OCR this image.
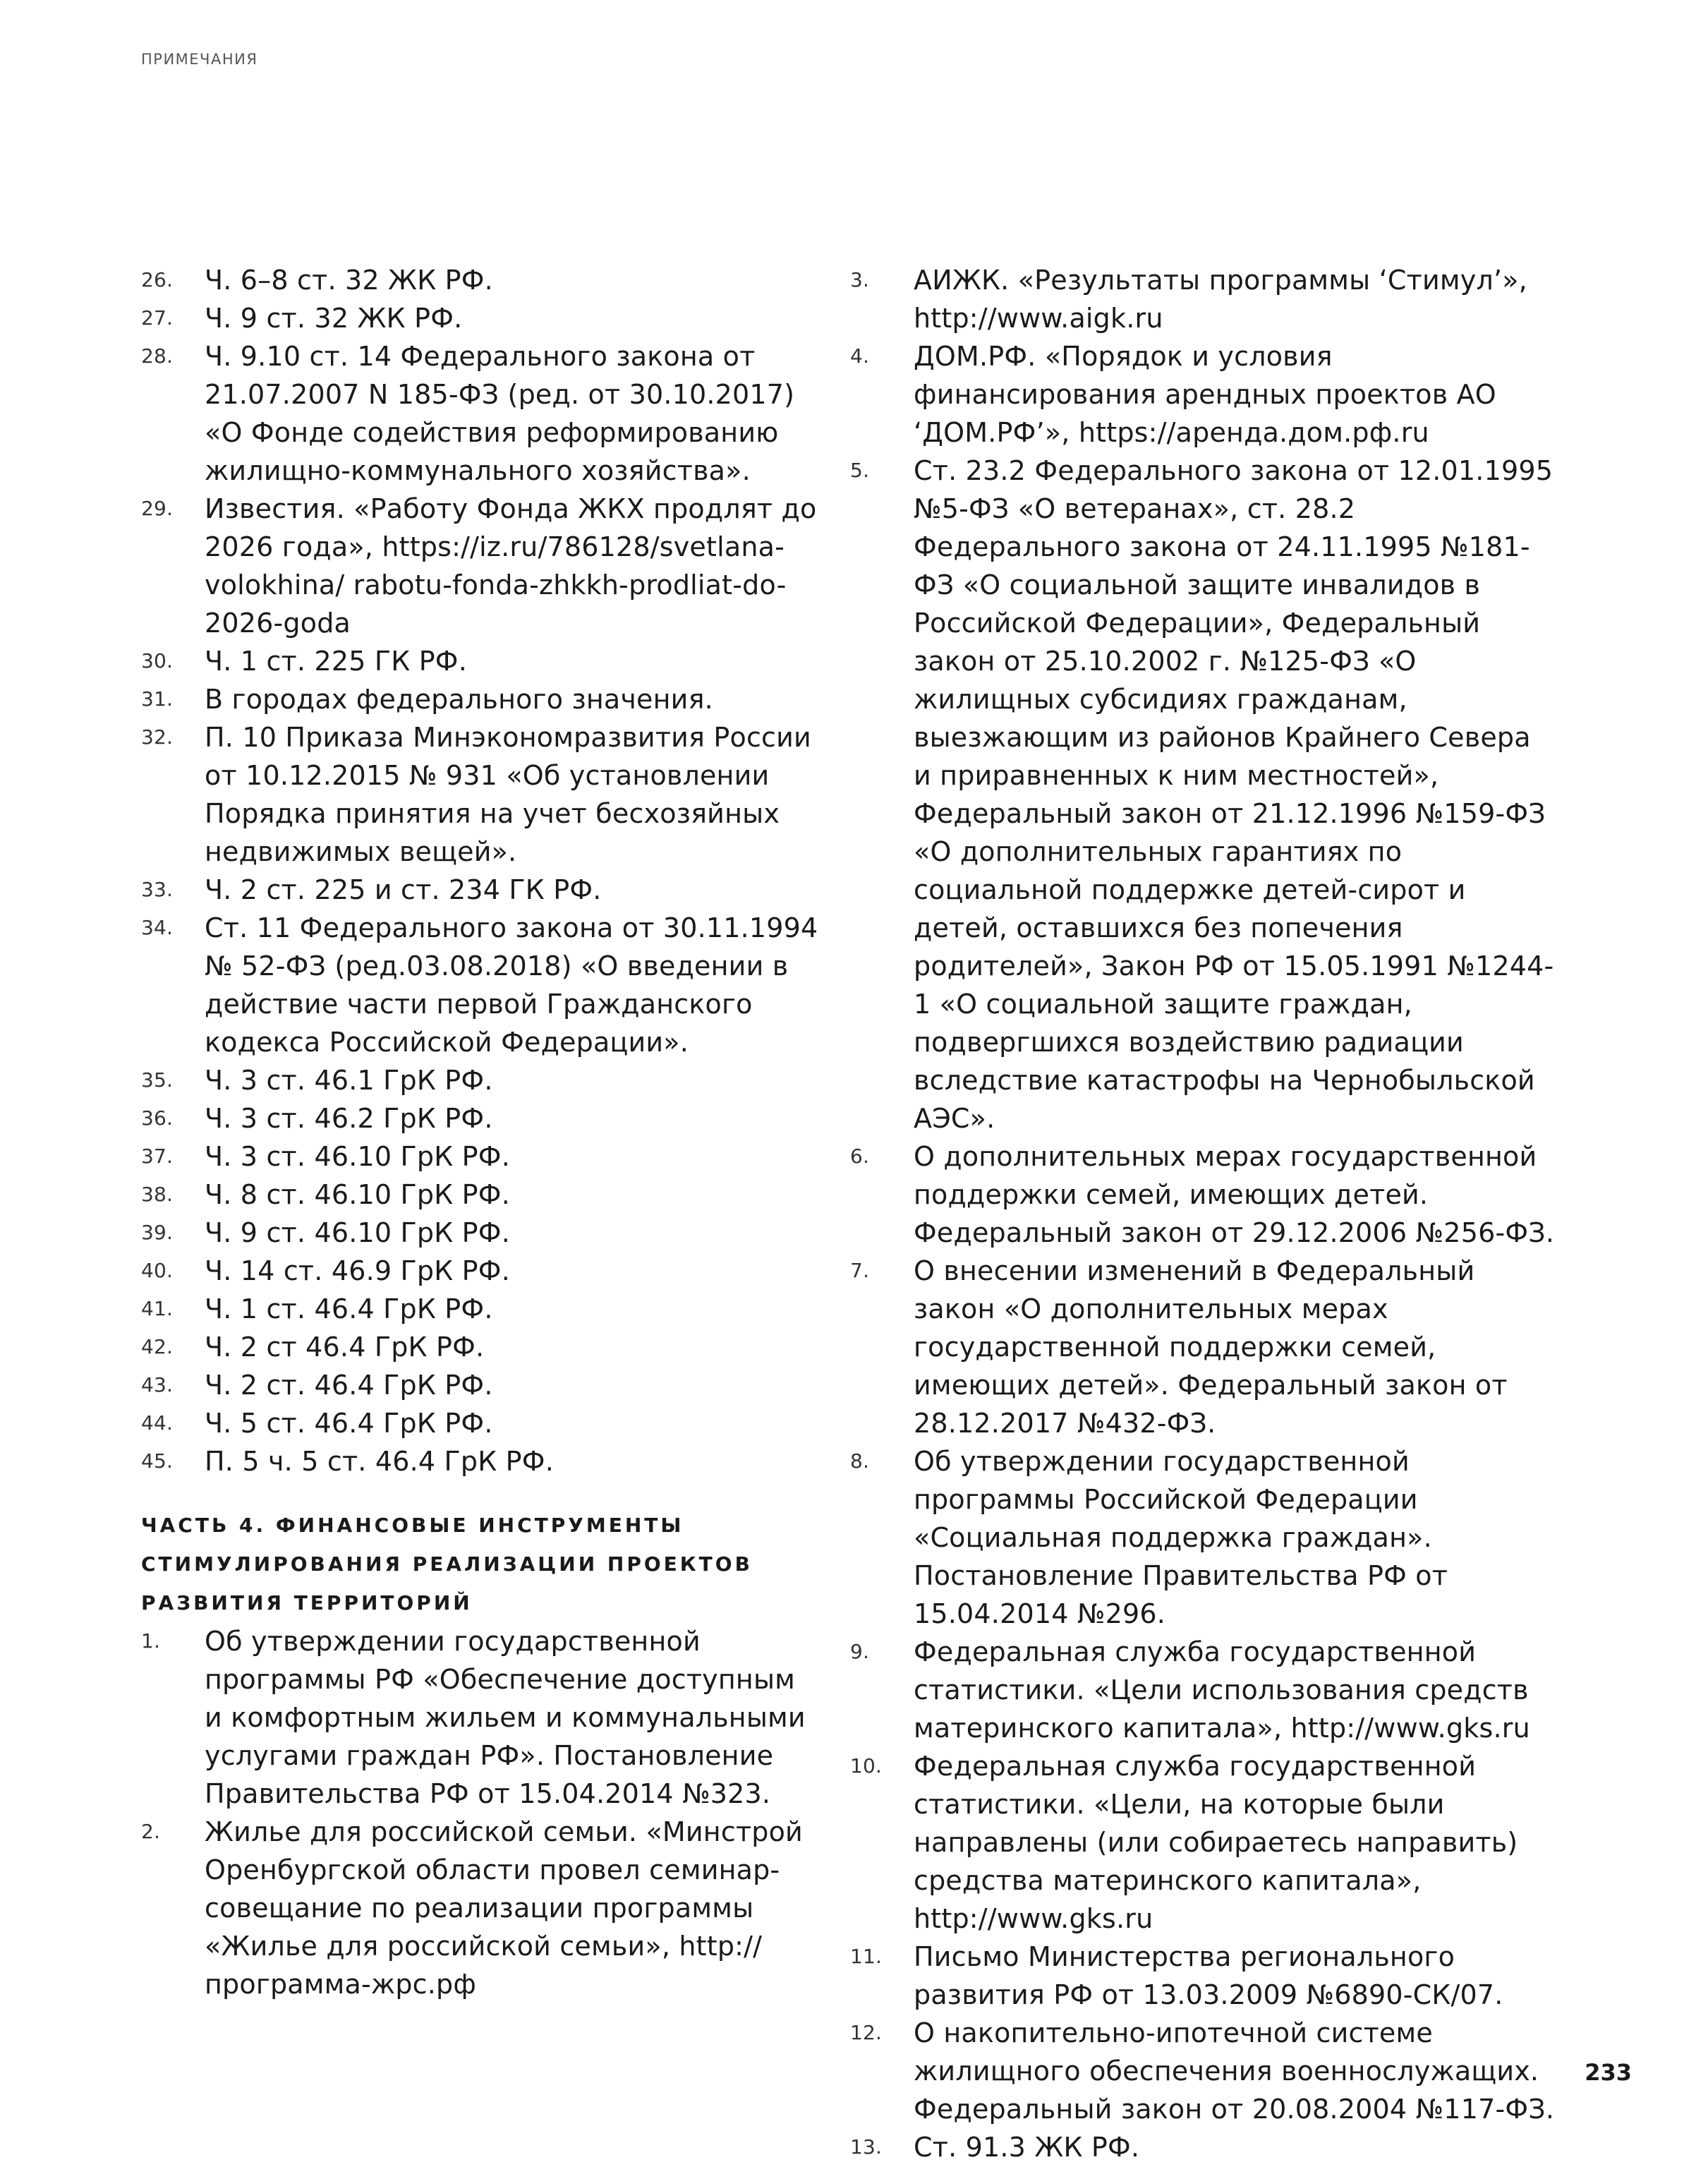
ПРИМЕЧАНИЯ
26.	Ч. 6–8 ст. 32 ЖК РФ.
27.	Ч. 9 ст. 32 ЖК РФ.
28.	Ч. 9.10 ст. 14 Федерального закона от 21.07.2007 N 185-ФЗ (ред. от 30.10.2017) «О Фонде содействия реформированию жилищно-коммунального хозяйства».
29.	Известия. «Работу Фонда ЖКХ продлят до 2026 года», https://iz.ru/786128/svetlana-volokhina/ rabotu-fonda-zhkkh-prodliat-do-2026-goda
30.	Ч. 1 ст. 225 ГК РФ.
31.	В городах федерального значения.
32.	П. 10 Приказа Минэкономразвития России от 10.12.2015 № 931 «Об установлении Порядка принятия на учет бесхозяйных недвижимых вещей».
33.	Ч. 2 ст. 225 и ст. 234 ГК РФ.
34.	Ст. 11 Федерального закона от 30.11.1994 № 52-ФЗ (ред.03.08.2018) «О введении в действие части первой Гражданского кодекса Российской Федерации».
35.	Ч. 3 ст. 46.1 ГрК РФ.
36.	Ч. 3 ст. 46.2 ГрК РФ.
37.	Ч. 3 ст. 46.10 ГрК РФ.
38.	Ч. 8 ст. 46.10 ГрК РФ.
39.	Ч. 9 ст. 46.10 ГрК РФ.
40.	Ч. 14 ст. 46.9 ГрК РФ.
41.	Ч. 1 ст. 46.4 ГрК РФ.
42.	Ч. 2 ст 46.4 ГрК РФ.
43.	Ч. 2 ст. 46.4 ГрК РФ.
44.	Ч. 5 ст. 46.4 ГрК РФ.
45.	П. 5 ч. 5 ст. 46.4 ГрК РФ.
ЧАСТЬ 4. ФИНАНСОВЫЕ ИНСТРУМЕНТЫ
СТИМУЛИРОВАНИЯ РЕАЛИЗАЦИИ ПРОЕКТОВ
РАЗВИТИЯ ТЕРРИТОРИЙ
1.	Об утверждении государственной программы РФ «Обеспечение доступным и комфортным жильем и коммунальными услугами граждан РФ». Постановление Правительства РФ от 15.04.2014 №323.
2.	Жилье для российской семьи. «Минстрой Оренбургской области провел семинар-совещание по реализации программы «Жилье для российской семьи», http:// программа-жрс.рф
3.	АИЖК. «Результаты программы ‘Стимул’», http://www.aigk.ru
4.	ДОМ.РФ. «Порядок и условия финансирования арендных проектов АО ‘ДОМ.РФ’», https://аренда.дом.рф.ru
5.	Ст. 23.2 Федерального закона от 12.01.1995 №5-ФЗ «О ветеранах», ст. 28.2 Федерального закона от 24.11.1995 №181-ФЗ «О социальной защите инвалидов в Российской Федерации», Федеральный закон от 25.10.2002 г. №125-ФЗ «О жилищных субсидиях гражданам, выезжающим из районов Крайнего Севера и приравненных к ним местностей», Федеральный закон от 21.12.1996 №159-ФЗ «О дополнительных гарантиях по социальной поддержке детей-сирот и детей, оставшихся без попечения родителей», Закон РФ от 15.05.1991 №1244-1 «О социальной защите граждан, подвергшихся воздействию радиации вследствие катастрофы на Чернобыльской АЭС».
6.	О дополнительных мерах государственной поддержки семей, имеющих детей. Федеральный закон от 29.12.2006 №256-ФЗ.
7.	О внесении изменений в Федеральный закон «О дополнительных мерах государственной поддержки семей, имеющих детей». Федеральный закон от 28.12.2017 №432-ФЗ.
8.	Об утверждении государственной программы Российской Федерации «Социальная поддержка граждан». Постановление Правительства РФ от 15.04.2014 №296.
9.	Федеральная служба государственной статистики. «Цели использования средств материнского капитала», http://www.gks.ru
10.	Федеральная служба государственной статистики. «Цели, на которые были направлены (или собираетесь направить) средства материнского капитала», http://www.gks.ru
11.	Письмо Министерства регионального развития РФ от 13.03.2009 №6890-СК/07.
12.	О накопительно-ипотечной системе жилищного обеспечения военнослужащих. Федеральный закон от 20.08.2004 №117-ФЗ.
13.	Ст. 91.3 ЖК РФ.
233
